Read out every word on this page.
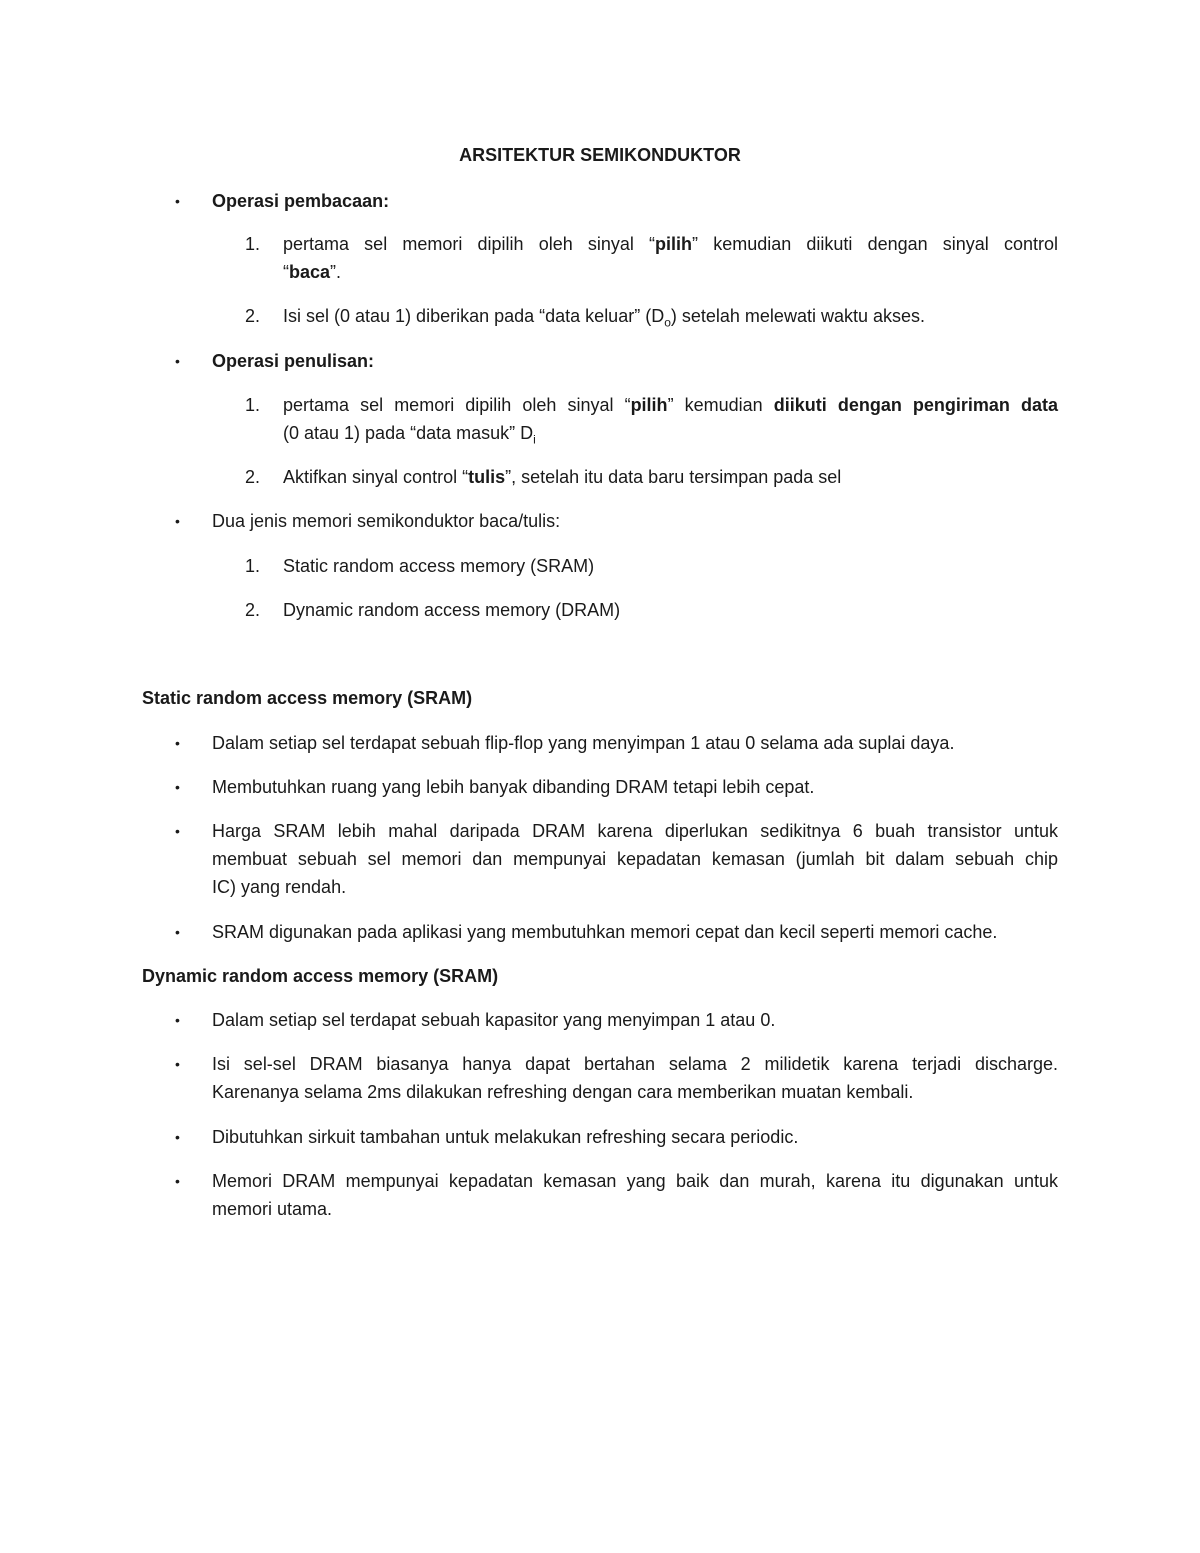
ARSITEKTUR SEMIKONDUKTOR
•	Operasi pembacaan:
1. pertama sel memori dipilih oleh sinyal “pilih” kemudian diikuti dengan sinyal control
“baca”.
2. Isi sel (0 atau 1) diberikan pada “data keluar” $(D_o)$ setelah melewati waktu akses.
•	Operasi penulisan:
1. pertama sel memori dipilih oleh sinyal “pilih” kemudian diikuti dengan pengiriman data
(0 atau 1) pada “data masuk” $D_i$
2. Aktifkan sinyal control “tulis”, setelah itu data baru tersimpan pada sel
•	Dua jenis memori semikonduktor baca/tulis:
1. Static random access memory (SRAM)
2. Dynamic random access memory (DRAM)
Static random access memory (SRAM)
•	Dalam setiap sel terdapat sebuah flip-flop yang menyimpan 1 atau 0 selama ada suplai daya.
•	Membutuhkan ruang yang lebih banyak dibanding DRAM tetapi lebih cepat.
•	Harga SRAM lebih mahal daripada DRAM karena diperlukan sedikitnya 6 buah transistor untuk
membuat sebuah sel memori dan mempunyai kepadatan kemasan (jumlah bit dalam sebuah chip
IC) yang rendah.
•	SRAM digunakan pada aplikasi yang membutuhkan memori cepat dan kecil seperti memori cache.
Dynamic random access memory (SRAM)
•	Dalam setiap sel terdapat sebuah kapasitor yang menyimpan 1 atau 0.
•	Isi sel-sel DRAM biasanya hanya dapat bertahan selama 2 milidetik karena terjadi discharge.
Karenanya selama 2ms dilakukan refreshing dengan cara memberikan muatan kembali.
•	Dibutuhkan sirkuit tambahan untuk melakukan refreshing secara periodic.
•	Memori DRAM mempunyai kepadatan kemasan yang baik dan murah, karena itu digunakan untuk
memori utama.
